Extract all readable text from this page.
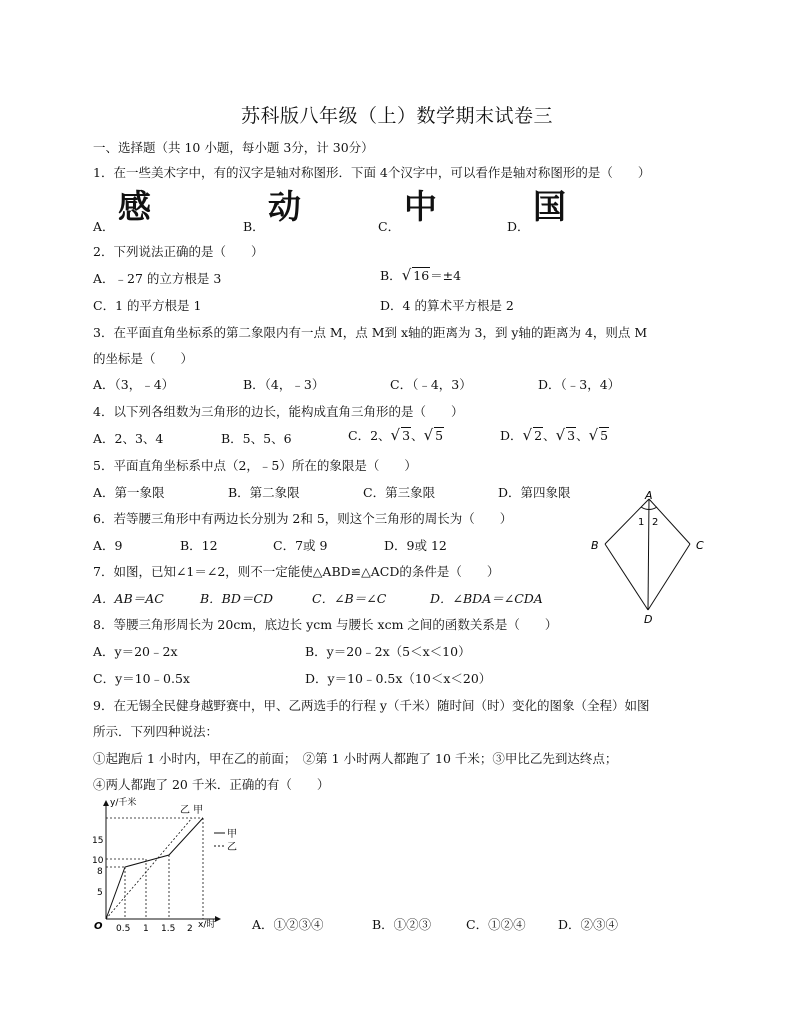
苏科版八年级（上）数学期末试卷三
一、选择题（共 10 小题，每小题 3分，计 30分）
1．在一些美术字中，有的汉字是轴对称图形．下面 4个汉字中，可以看作是轴对称图形的是（　　）
A．
感
B．
动
C．
中
D．
国
2．下列说法正确的是（　　）
A．﹣27 的立方根是 3	B．√ 16＝±4
C．1 的平方根是 1	D．4 的算术平方根是 2
3．在平面直角坐标系的第二象限内有一点 M，点 M到 x轴的距离为 3，到 y轴的距离为 4，则点 M
的坐标是（　　）
A．（3，﹣4）	B．（4，﹣3）	C．（﹣4，3）	D．（﹣3，4）
4．以下列各组数为三角形的边长，能构成直角三角形的是（　　）
A．2、3、4	B．5、5、6	C．2、√ 3、√ 5	D．√ 2、√ 3、√ 5
5．平面直角坐标系中点（2，﹣5）所在的象限是（　　）
A．第一象限	B．第二象限	C．第三象限	D．第四象限
6．若等腰三角形中有两边长分别为 2和 5，则这个三角形的周长为（　　）
A．9	B．12	C．7或 9	D．9或 12
7．如图，已知∠1＝∠2，则不一定能使△ABD≌△ACD的条件是（　　）
A．AB＝AC	B．BD＝CD	C．∠B＝∠C	D．∠BDA＝∠CDA
A
B	C
D
1 2
8．等腰三角形周长为 20cm，底边长 ycm 与腰长 xcm 之间的函数关系是（　　）
A．y＝20﹣2x	B．y＝20﹣2x（5＜x＜10）
C．y＝10﹣0.5x	D．y＝10﹣0.5x（10＜x＜20）
9．在无锡全民健身越野赛中，甲、乙两选手的行程 y（千米）随时间（时）变化的图象（全程）如图
所示．下列四种说法：
①起跑后 1 小时内，甲在乙的前面；　②第 1 小时两人都跑了 10 千米；③甲比乙先到达终点；
④两人都跑了 20 千米．正确的有（　　）
15
10
8
5
0.5 1 1.5 2
O
y/千米
x/时
乙 甲
甲
乙
A．①②③④	B．①②③	C．①②④	D．②③④
